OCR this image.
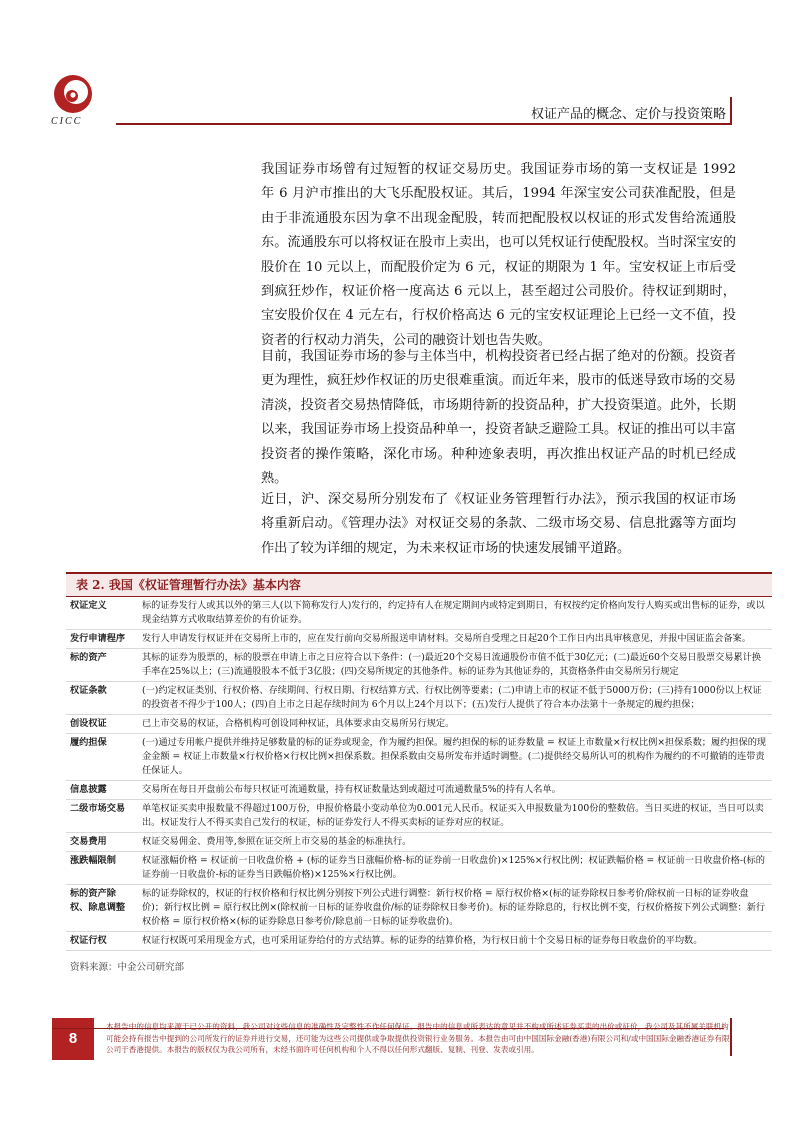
CICC	权证产品的概念、定价与投资策略
我国证券市场曾有过短暂的权证交易历史。我国证券市场的第一支权证是 1992 年 6 月沪市推出的大飞乐配股权证。其后，1994 年深宝安公司获准配股，但是由于非流通股东因为拿不出现金配股，转而把配股权以权证的形式发售给流通股东。流通股东可以将权证在股市上卖出，也可以凭权证行使配股权。当时深宝安的股价在 10 元以上，而配股价定为 6 元，权证的期限为 1 年。宝安权证上市后受到疯狂炒作，权证价格一度高达 6 元以上，甚至超过公司股价。待权证到期时，宝安股价仅在 4 元左右，行权价格高达 6 元的宝安权证理论上已经一文不值，投资者的行权动力消失，公司的融资计划也告失败。
目前，我国证券市场的参与主体当中，机构投资者已经占据了绝对的份额。投资者更为理性，疯狂炒作权证的历史很难重演。而近年来，股市的低迷导致市场的交易清淡，投资者交易热情降低，市场期待新的投资品种，扩大投资渠道。此外，长期以来，我国证券市场上投资品种单一，投资者缺乏避险工具。权证的推出可以丰富投资者的操作策略，深化市场。种种迹象表明，再次推出权证产品的时机已经成熟。
近日，沪、深交易所分别发布了《权证业务管理暂行办法》，预示我国的权证市场将重新启动。《管理办法》对权证交易的条款、二级市场交易、信息批露等方面均作出了较为详细的规定，为未来权证市场的快速发展铺平道路。
表 2. 我国《权证管理暂行办法》基本内容
权证定义	标的证券发行人或其以外的第三人(以下简称发行人)发行的，约定持有人在规定期间内或特定到期日，有权按约定价格向发行人购买或出售标的证券，或以现金结算方式收取结算差价的有价证券。
发行申请程序	发行人申请发行权证并在交易所上市的，应在发行前向交易所报送申请材料。交易所自受理之日起20个工作日内出具审核意见，并报中国证监会备案。
标的资产	其标的证券为股票的，标的股票在申请上市之日应符合以下条件：(一)最近20个交易日流通股份市值不低于30亿元；(二)最近60个交易日股票交易累计换手率在25%以上；(三)流通股股本不低于3亿股；(四)交易所规定的其他条件。标的证券为其他证券的，其资格条件由交易所另行规定
权证条款	(一)约定权证类别、行权价格、存续期间、行权日期、行权结算方式、行权比例等要素；(二)申请上市的权证不低于5000万份；(三)持有1000份以上权证的投资者不得少于100人；(四)自上市之日起存续时间为 6个月以上24个月以下；(五)发行人提供了符合本办法第十一条规定的履约担保；
创设权证	已上市交易的权证，合格机构可创设同种权证，具体要求由交易所另行规定。
履约担保	(一)通过专用帐户提供并维持足够数量的标的证券或现金，作为履约担保。履约担保的标的证券数量 = 权证上市数量×行权比例×担保系数；履约担保的现金金额 = 权证上市数量×行权价格×行权比例×担保系数。担保系数由交易所发布并适时调整。(二)提供经交易所认可的机构作为履约的不可撤销的连带责任保证人。
信息披露	交易所在每日开盘前公布每只权证可流通数量，持有权证数量达到或超过可流通数量5%的持有人名单。
二级市场交易	单笔权证买卖申报数量不得超过100万份，申报价格最小变动单位为0.001元人民币。权证买入申报数量为100份的整数倍。当日买进的权证，当日可以卖出。权证发行人不得买卖自己发行的权证，标的证券发行人不得买卖标的证券对应的权证。
交易费用	权证交易佣金、费用等,参照在证交所上市交易的基金的标准执行。
涨跌幅限制	权证涨幅价格 = 权证前一日收盘价格 + (标的证券当日涨幅价格-标的证券前一日收盘价)×125%×行权比例；权证跌幅价格 = 权证前一日收盘价格-(标的证券前一日收盘价-标的证券当日跌幅价格)×125%×行权比例。
标的资产除权、除息调整	标的证券除权的，权证的行权价格和行权比例分别按下列公式进行调整：新行权价格 = 原行权价格×(标的证券除权日参考价/除权前一日标的证券收盘价)；新行权比例 = 原行权比例×(除权前一日标的证券收盘价/标的证券除权日参考价)。标的证券除息的，行权比例不变，行权价格按下列公式调整：新行权价格 = 原行权价格×(标的证券除息日参考价/除息前一日标的证券收盘价)。
权证行权	权证行权既可采用现金方式，也可采用证券给付的方式结算。标的证券的结算价格，为行权日前十个交易日标的证券每日收盘价的平均数。
资料来源：中金公司研究部
8
本报告中的信息均来源于已公开的资料，我公司对这些信息的准确性及完整性不作任何保证。报告中的信息或所表达的意见并不构成所述证券买卖的出价或征价，我公司及其所属关联机构可能会持有报告中提到的公司所发行的证券并进行交易，还可能为这些公司提供或争取提供投资银行业务服务。本报告由可由中国国际金融(香港)有限公司和/或中国国际金融香港证券有限公司于香港提供。本报告的版权仅为我公司所有，未经书面许可任何机构和个人不得以任何形式翻版、复制、刊登、发表或引用。
